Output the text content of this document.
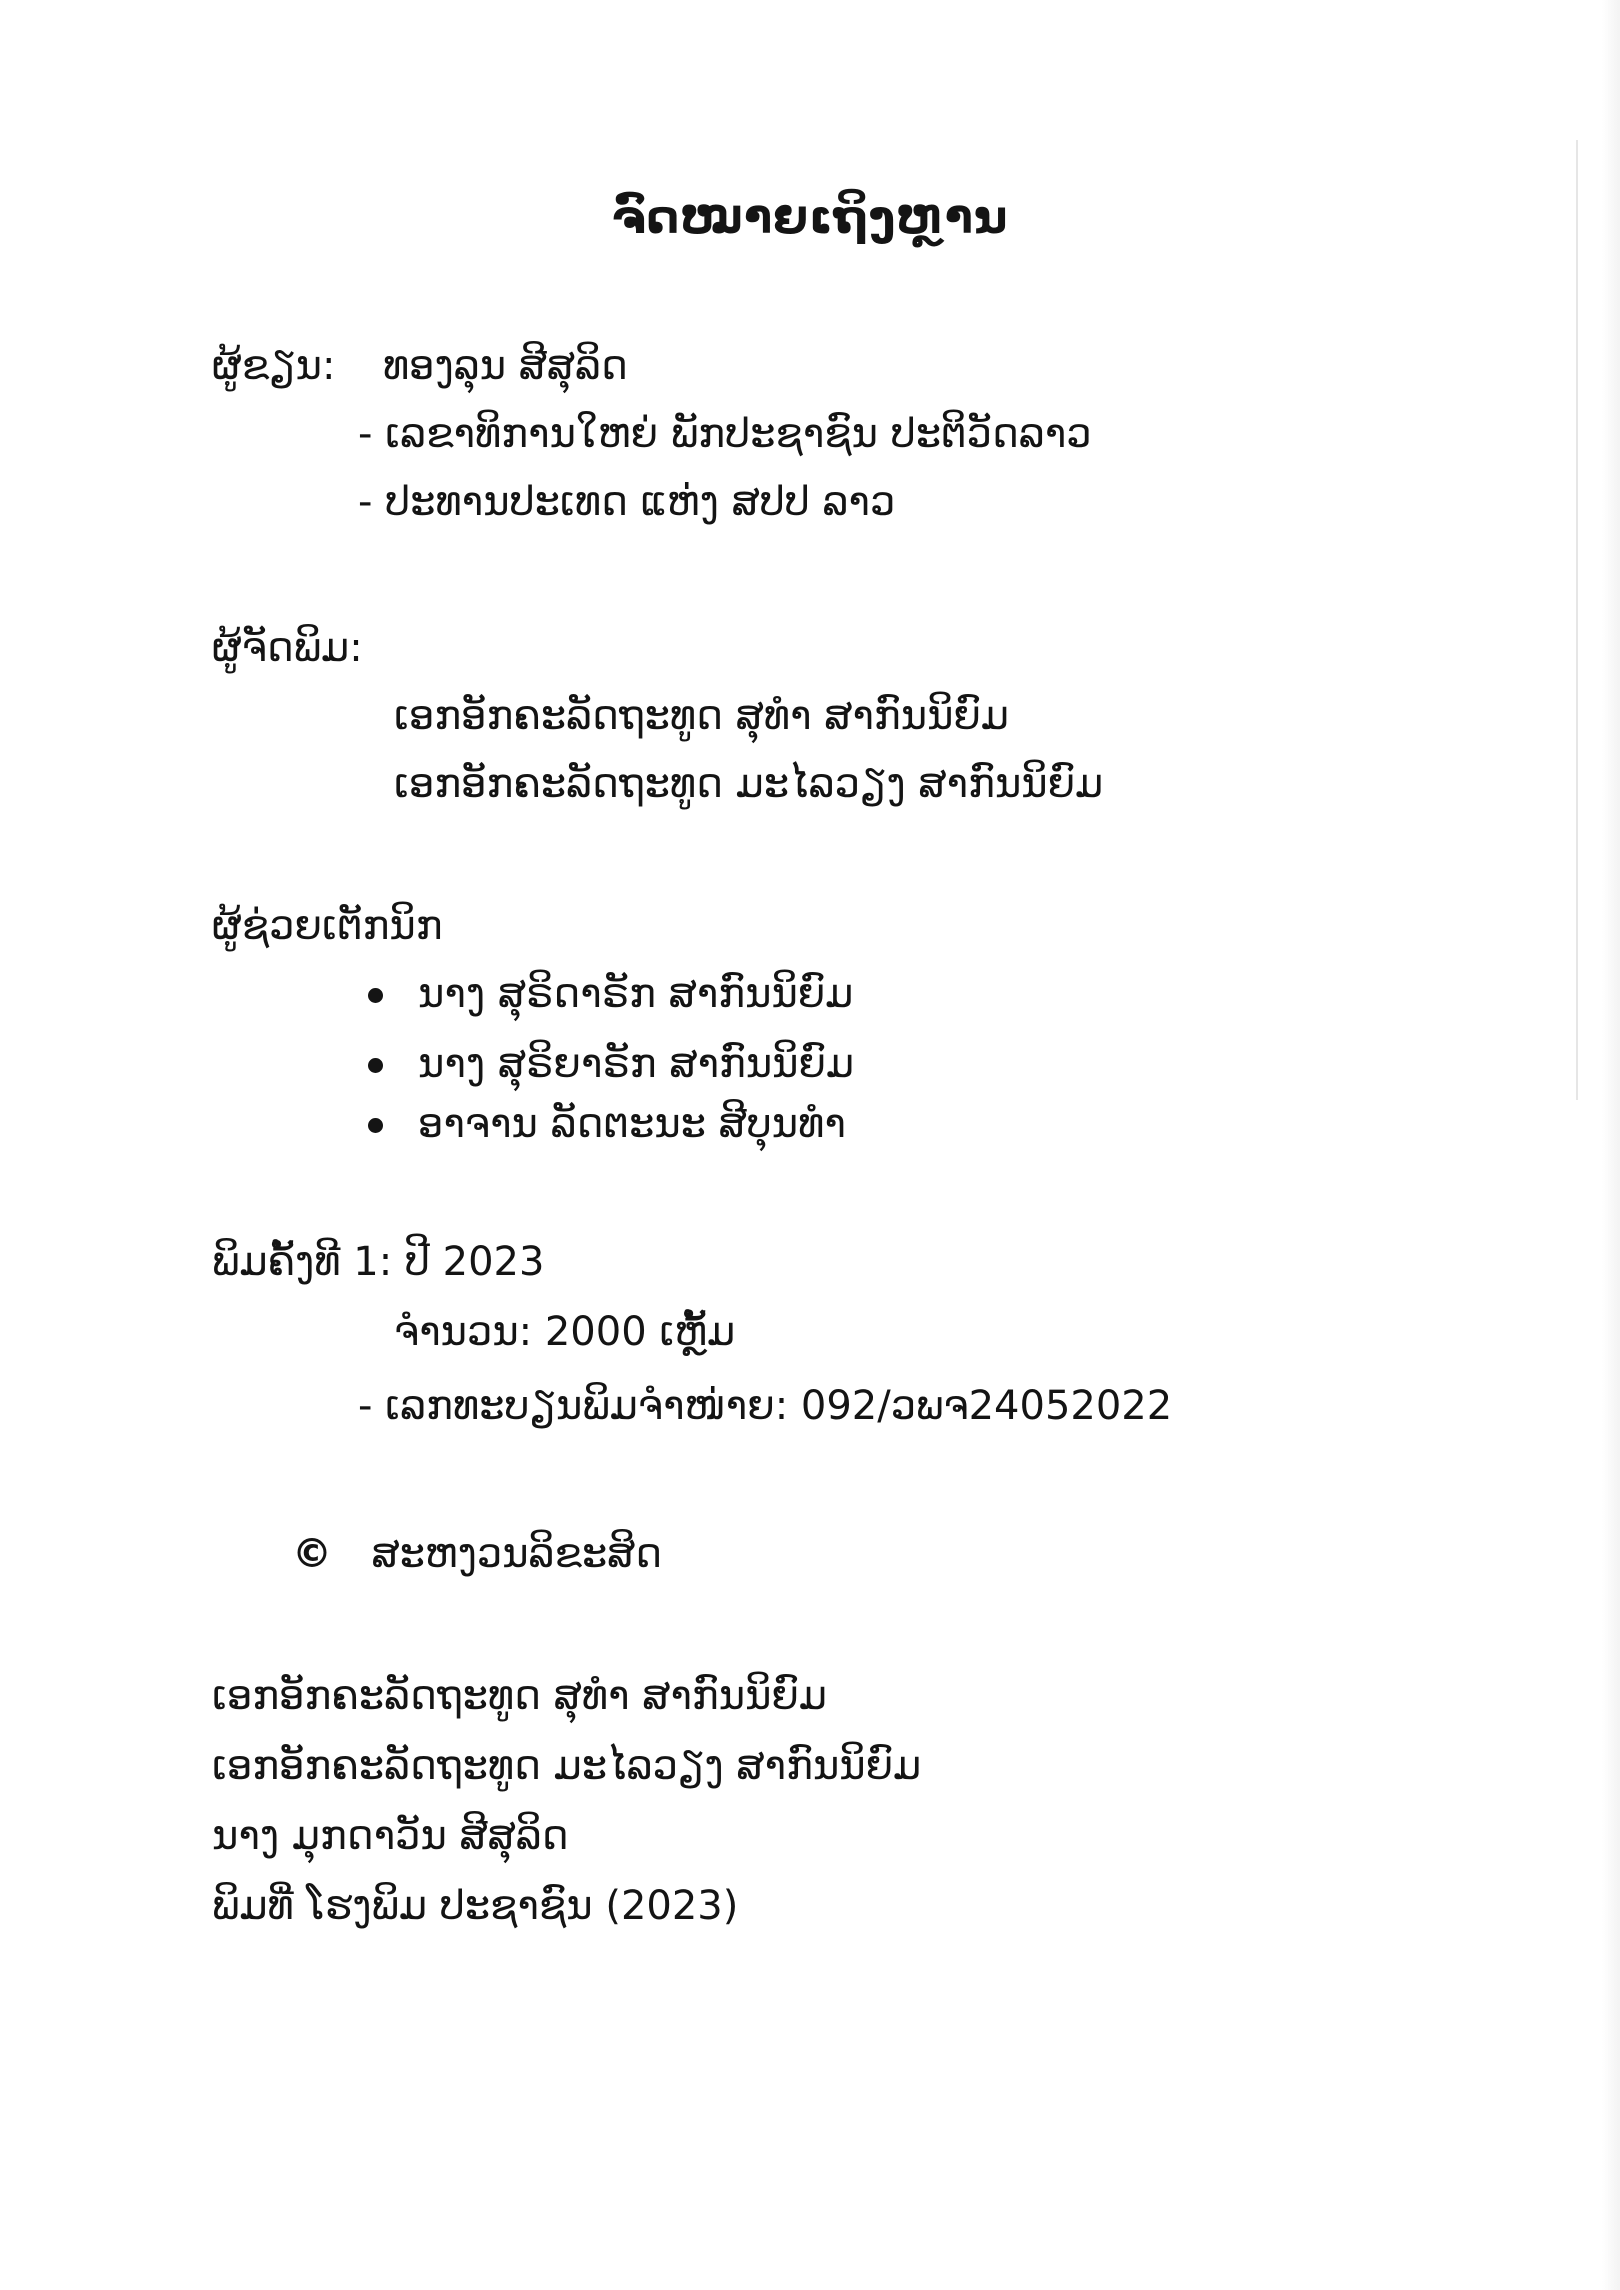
ຈົດໝາຍເຖິງຫຼານ
ຜູ້ຂຽນ: ທອງລຸນ ສີສຸລິດ
- ເລຂາທິການໃຫຍ່ ພັກປະຊາຊົນ ປະຕິວັດລາວ
- ປະທານປະເທດ ແຫ່ງ ສປປ ລາວ
ຜູ້ຈັດພິມ:
ເອກອັກຄະລັດຖະທູດ ສຸທຳ ສາກົນນິຍົມ
ເອກອັກຄະລັດຖະທູດ ມະໄລວຽງ ສາກົນນິຍົມ
ຜູ້ຊ່ວຍເຕັກນິກ
ນາງ ສຸຣິດາຣັກ ສາກົນນິຍົມ
ນາງ ສຸຣິຍາຣັກ ສາກົນນິຍົມ
ອາຈານ ລັດຕະນະ ສີບຸນທຳ
ພິມຄັ້ງທີ 1: ປີ 2023
ຈຳນວນ: 2000 ເຫຼັ້ມ
- ເລກທະບຽນພິມຈຳໜ່າຍ: 092/ວພຈ24052022
© ສະຫງວນລິຂະສິດ
ເອກອັກຄະລັດຖະທູດ ສຸທຳ ສາກົນນິຍົມ
ເອກອັກຄະລັດຖະທູດ ມະໄລວຽງ ສາກົນນິຍົມ
ນາງ ມຸກດາວັນ ສີສຸລິດ
ພິມທີ່ ໂຮງພິມ ປະຊາຊົນ (2023)
